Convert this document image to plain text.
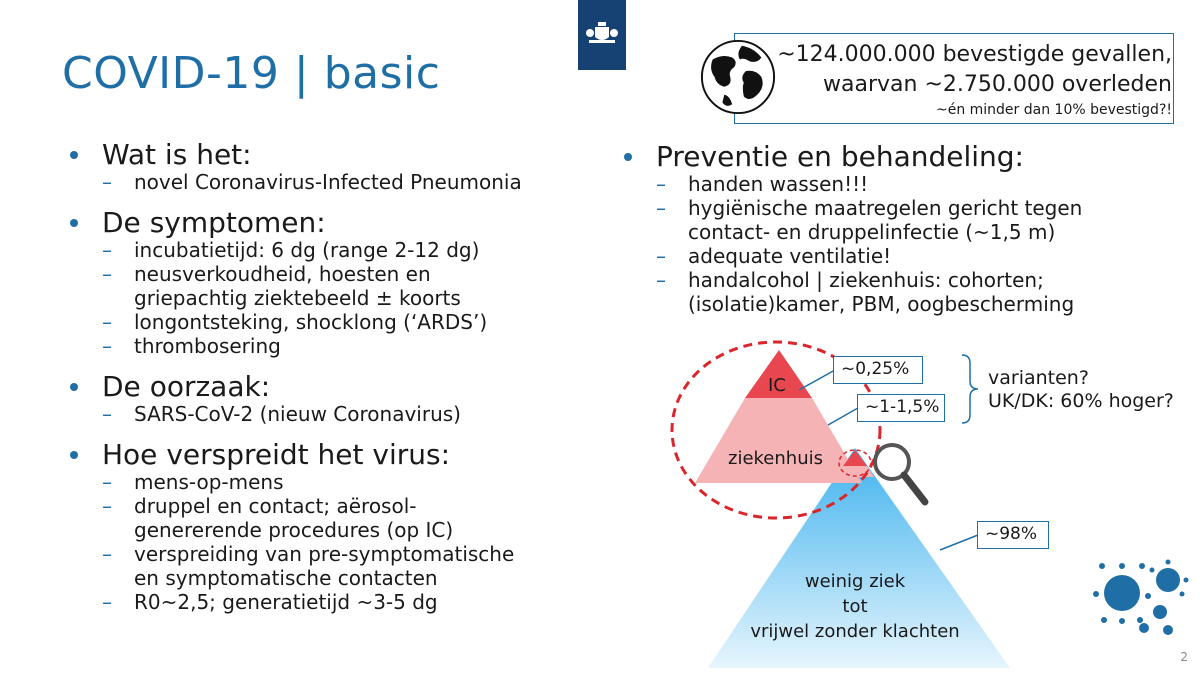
COVID-19 | basic	~124.000.000 bevestigde gevallen,
waarvan ~2.750.000 overleden
~én minder dan 10% bevestigd?!
Wat is het:
– novel Coronavirus-Infected Pneumonia
De symptomen:
– incubatietijd: 6 dg (range 2-12 dg)
– neusverkoudheid, hoesten en
griepachtig ziektebeeld ± koorts
– longontsteking, shocklong (‘ARDS’)
– thrombosering
De oorzaak:
– SARS-CoV-2 (nieuw Coronavirus)
Hoe verspreidt het virus:
– mens-op-mens
– druppel en contact; aërosol-
genererende procedures (op IC)
– verspreiding van pre-symptomatische
en symptomatische contacten
– R0~2,5; generatietijd ~3-5 dg
Preventie en behandeling:
– handen wassen!!!
– hygiënische maatregelen gericht tegen
contact- en druppelinfectie (~1,5 m)
– adequate ventilatie!
– handalcohol | ziekenhuis: cohorten;
(isolatie)kamer, PBM, oogbescherming
IC
ziekenhuis
weinig ziek
tot
vrijwel zonder klachten
~0,25%
~1-1,5%
~98%
varianten?
UK/DK: 60% hoger?
2
